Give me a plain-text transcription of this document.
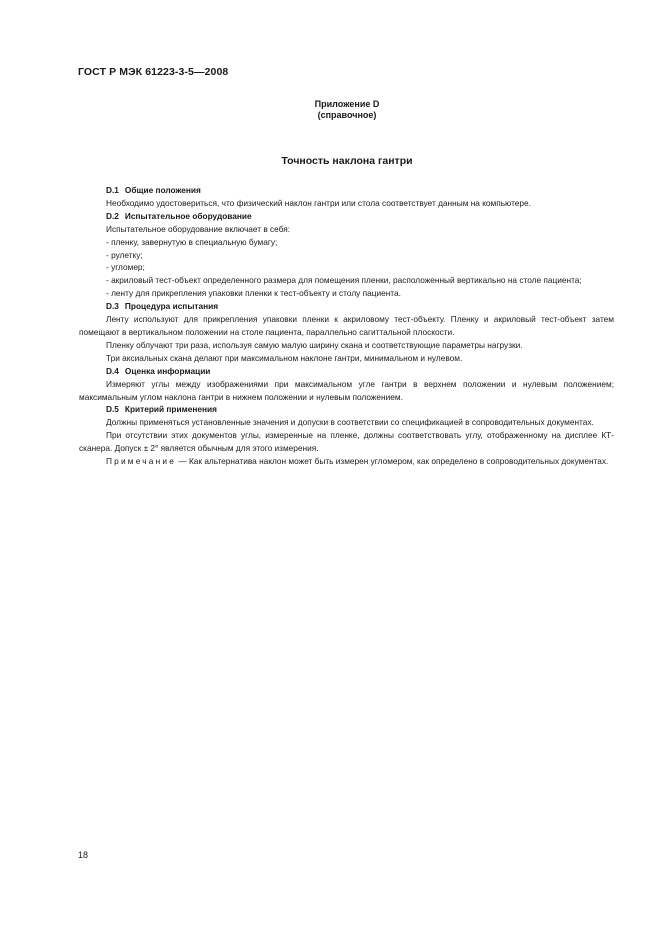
ГОСТ Р МЭК 61223-3-5—2008
Приложение D
(справочное)
Точность наклона гантри

D.1 Общие положения

Необходимо удостовериться, что физический наклон гантри или стола соответствует данным на компьютере.

D.2 Испытательное оборудование

Испытательное оборудование включает в себя:

- пленку, завернутую в специальную бумагу;

- рулетку;

- угломер;

- акриловый тест-объект определенного размера для помещения пленки, расположенный вертикально на столе пациента;

- ленту для прикрепления упаковки пленки к тест-объекту и столу пациента.

D.3 Процедура испытания

Ленту используют для прикрепления упаковки пленки к акриловому тест-объекту. Пленку и акриловый тест-объект затем помещают в вертикальном положении на столе пациента, параллельно сагиттальной плоскости.

Пленку облучают три раза, используя самую малую ширину скана и соответствующие параметры нагрузки.

Три аксиальных скана делают при максимальном наклоне гантри, минимальном и нулевом.

D.4 Оценка информации

Измеряют углы между изображениями при максимальном угле гантри в верхнем положении и нулевым положением; максимальным углом наклона гантри в нижнем положении и нулевым положением.

D.5 Критерий применения

Должны применяться установленные значения и допуски в соответствии со спецификацией в сопроводительных документах.

При отсутствии этих документов углы, измеренные на пленке, должны соответствовать углу, отображенному на дисплее КТ-сканера. Допуск ± 2° является обычным для этого измерения.

Примечание — Как альтернатива наклон может быть измерен угломером, как определено в сопроводительных документах.

18
